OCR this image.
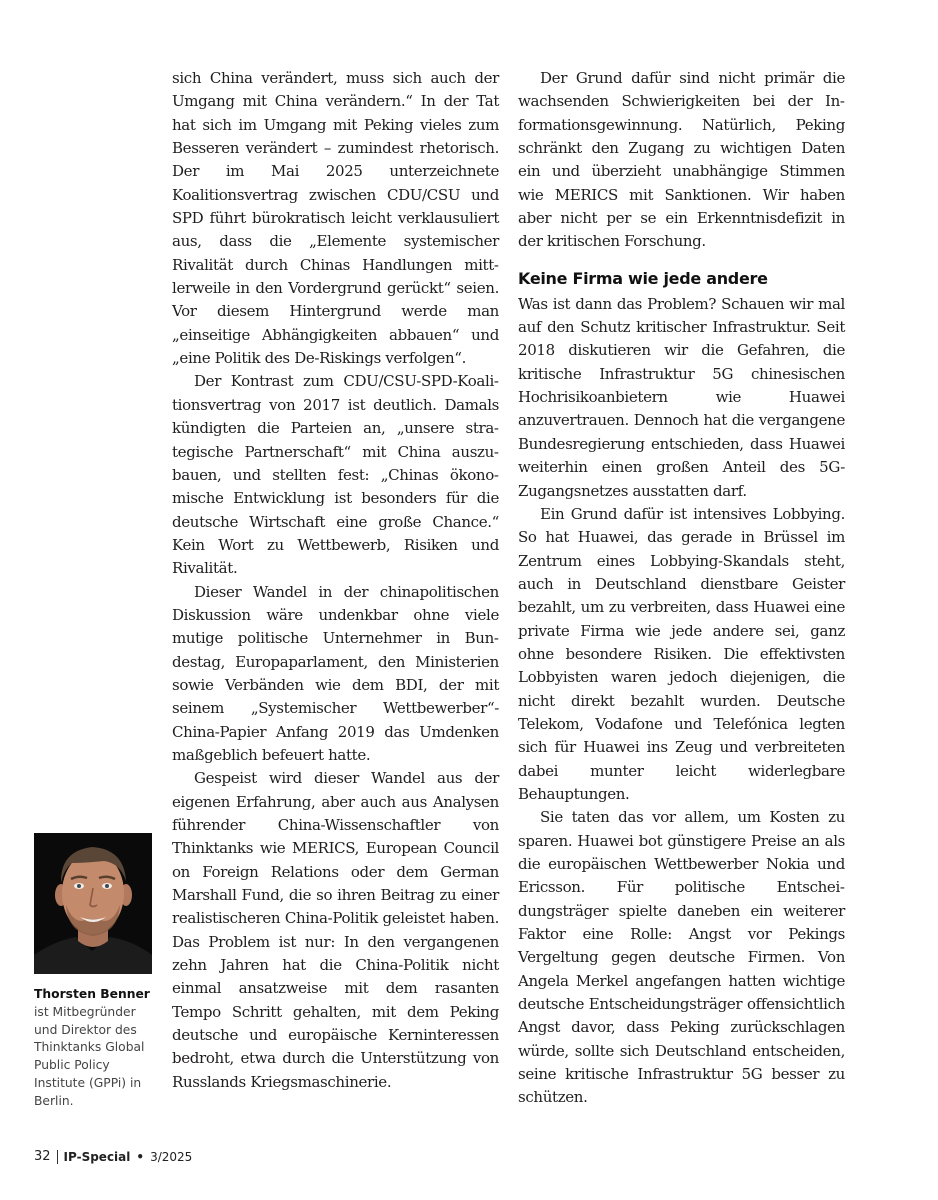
sich China verändert, muss sich auch der Umgang mit China verändern.“ In der Tat hat sich im Umgang mit Peking vieles zum Besseren verändert – zumindest rhetorisch. Der im Mai 2025 unterzeichnete Koalitionsvertrag zwischen CDU/CSU und SPD führt bürokratisch leicht verklausuliert aus, dass die „Elemente systemischer Rivalität durch Chinas Handlungen mittlerweile in den Vordergrund gerückt“ seien. Vor diesem Hintergrund werde man „einseitige Abhängigkeiten abbauen“ und „eine Politik des De-Riskings verfolgen“.

Der Kontrast zum CDU/CSU-SPD-Koalitionsvertrag von 2017 ist deutlich. Damals kündigten die Parteien an, „unsere strategische Partnerschaft“ mit China auszubauen, und stellten fest: „Chinas ökonomische Entwicklung ist besonders für die deutsche Wirtschaft eine große Chance.“ Kein Wort zu Wettbewerb, Risiken und Rivalität.

Dieser Wandel in der chinapolitischen Diskussion wäre undenkbar ohne viele mutige politische Unternehmer in Bundestag, Europaparlament, den Ministerien sowie Verbänden wie dem BDI, der mit seinem „Systemischer Wettbewerber“-China-Papier Anfang 2019 das Umdenken maßgeblich befeuert hatte.

Gespeist wird dieser Wandel aus der eigenen Erfahrung, aber auch aus Analysen führender China-Wissenschaftler von Thinktanks wie MERICS, European Council on Foreign Relations oder dem German Marshall Fund, die so ihren Beitrag zu einer realistischeren China-Politik geleistet haben. Das Problem ist nur: In den vergangenen zehn Jahren hat die China-Politik nicht einmal ansatzweise mit dem rasanten Tempo Schritt gehalten, mit dem Peking deutsche und europäische Kerninteressen bedroht, etwa durch die Unterstützung von Russlands Kriegsmaschinerie.

Der Grund dafür sind nicht primär die wachsenden Schwierigkeiten bei der Informationsgewinnung. Natürlich, Peking schränkt den Zugang zu wichtigen Daten ein und überzieht unabhängige Stimmen wie MERICS mit Sanktionen. Wir haben aber nicht per se ein Erkenntnisdefizit in der kritischen Forschung.

Keine Firma wie jede andere

Was ist dann das Problem? Schauen wir mal auf den Schutz kritischer Infrastruktur. Seit 2018 diskutieren wir die Gefahren, die kritische Infrastruktur 5G chinesischen Hochrisikoanbietern wie Huawei anzuvertrauen. Dennoch hat die vergangene Bundesregierung entschieden, dass Huawei weiterhin einen großen Anteil des 5G-Zugangsnetzes ausstatten darf.

Ein Grund dafür ist intensives Lobbying. So hat Huawei, das gerade in Brüssel im Zentrum eines Lobbying-Skandals steht, auch in Deutschland dienstbare Geister bezahlt, um zu verbreiten, dass Huawei eine private Firma wie jede andere sei, ganz ohne besondere Risiken. Die effektivsten Lobbyisten waren jedoch diejenigen, die nicht direkt bezahlt wurden. Deutsche Telekom, Vodafone und Telefónica legten sich für Huawei ins Zeug und verbreiteten dabei munter leicht widerlegbare Behauptungen.

Sie taten das vor allem, um Kosten zu sparen. Huawei bot günstigere Preise an als die europäischen Wettbewerber Nokia und Ericsson. Für politische Entscheidungsträger spielte daneben ein weiterer Faktor eine Rolle: Angst vor Pekings Vergeltung gegen deutsche Firmen. Von Angela Merkel angefangen hatten wichtige deutsche Entscheidungsträger offensichtlich Angst davor, dass Peking zurückschlagen würde, sollte sich Deutschland entscheiden, seine kritische Infrastruktur 5G besser zu schützen.

Thorsten Benner
ist Mitbegründer und Direktor des Thinktanks Global Public Policy Institute (GPPi) in Berlin.
32 IP-Special • 3/2025
